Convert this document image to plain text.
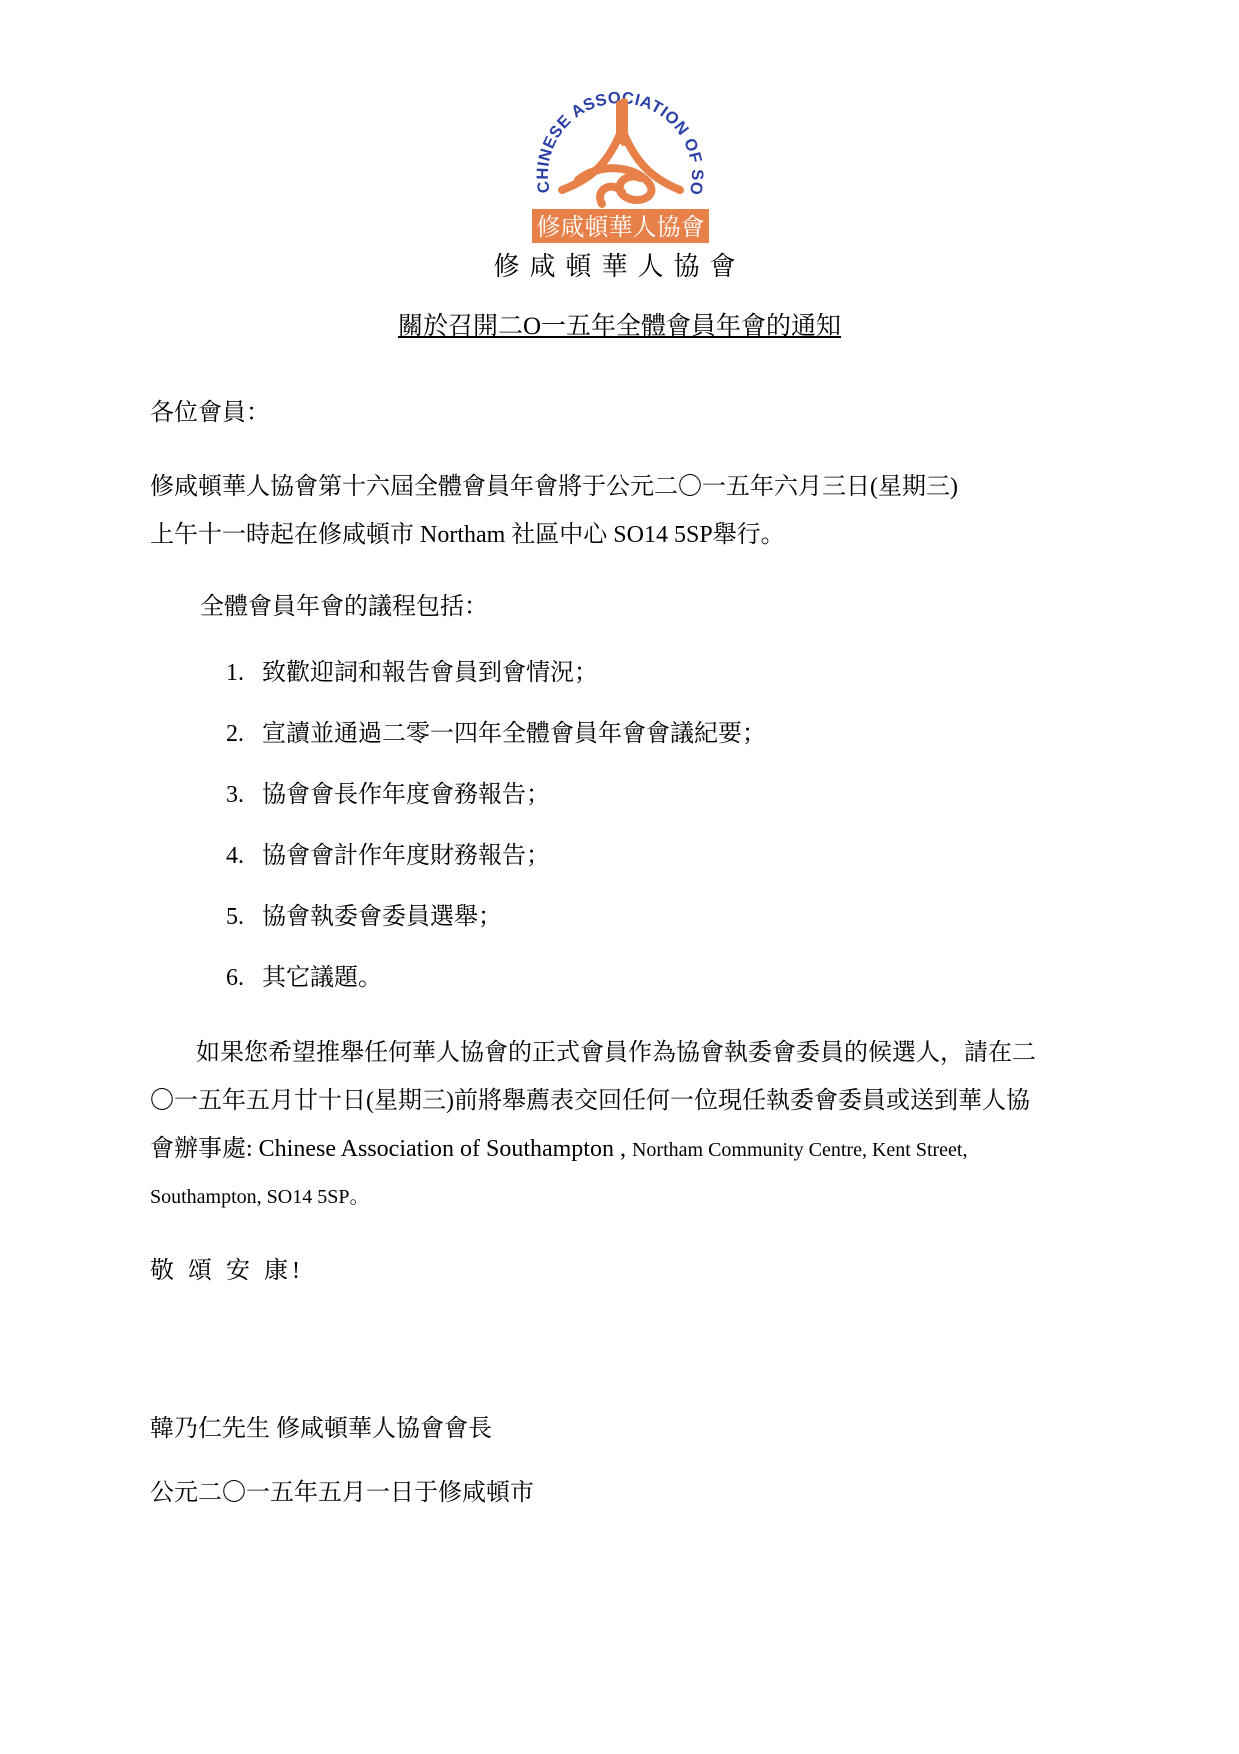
CHINESE ASSOCIATION OF SO
修咸頓華人協會
修咸頓華人協會
關於召開二O一五年全體會員年會的通知
各位會員：
修咸頓華人協會第十六屆全體會員年會將于公元二〇一五年六月三日(星期三)
上午十一時起在修咸頓市 Northam 社區中心 SO14 5SP舉行。
全體會員年會的議程包括：
1. 致歡迎詞和報告會員到會情況；
2. 宣讀並通過二零一四年全體會員年會會議紀要；
3. 協會會長作年度會務報告；
4. 協會會計作年度財務報告；
5. 協會執委會委員選舉；
6. 其它議題。
如果您希望推舉任何華人協會的正式會員作為協會執委會委員的候選人，請在二
〇一五年五月廿十日(星期三)前將舉薦表交回任何一位現任執委會委員或送到華人協
會辦事處: Chinese Association of Southampton , Northam Community Centre, Kent Street,
Southampton, SO14 5SP。
敬 頌 安 康!
韓乃仁先生 修咸頓華人協會會長
公元二〇一五年五月一日于修咸頓市
